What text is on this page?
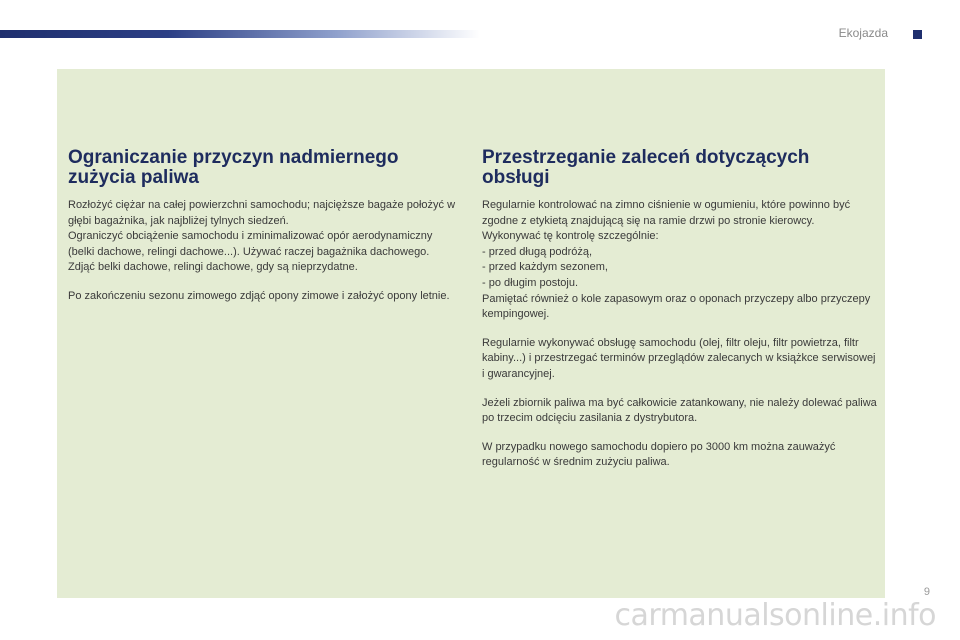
Ekojazda
Ograniczanie przyczyn nadmiernego zużycia paliwa

Rozłożyć ciężar na całej powierzchni samochodu; najcięższe bagaże położyć w głębi bagażnika, jak najbliżej tylnych siedzeń.
Ograniczyć obciążenie samochodu i zminimalizować opór aerodynamiczny (belki dachowe, relingi dachowe...). Używać raczej bagażnika dachowego.
Zdjąć belki dachowe, relingi dachowe, gdy są nieprzydatne.

Po zakończeniu sezonu zimowego zdjąć opony zimowe i założyć opony letnie.

Przestrzeganie zaleceń dotyczących obsługi

Regularnie kontrolować na zimno ciśnienie w ogumieniu, które powinno być zgodne z etykietą znajdującą się na ramie drzwi po stronie kierowcy.
Wykonywać tę kontrolę szczególnie:
- przed długą podróżą,
- przed każdym sezonem,
- po długim postoju.
Pamiętać również o kole zapasowym oraz o oponach przyczepy albo przyczepy kempingowej.

Regularnie wykonywać obsługę samochodu (olej, filtr oleju, filtr powietrza, filtr kabiny...) i przestrzegać terminów przeglądów zalecanych w książkce serwisowej i gwarancyjnej.

Jeżeli zbiornik paliwa ma być całkowicie zatankowany, nie należy dolewać paliwa po trzecim odcięciu zasilania z dystrybutora.

W przypadku nowego samochodu dopiero po 3000 km można zauważyć regularność w średnim zużyciu paliwa.

9
carmanualsonline.info
